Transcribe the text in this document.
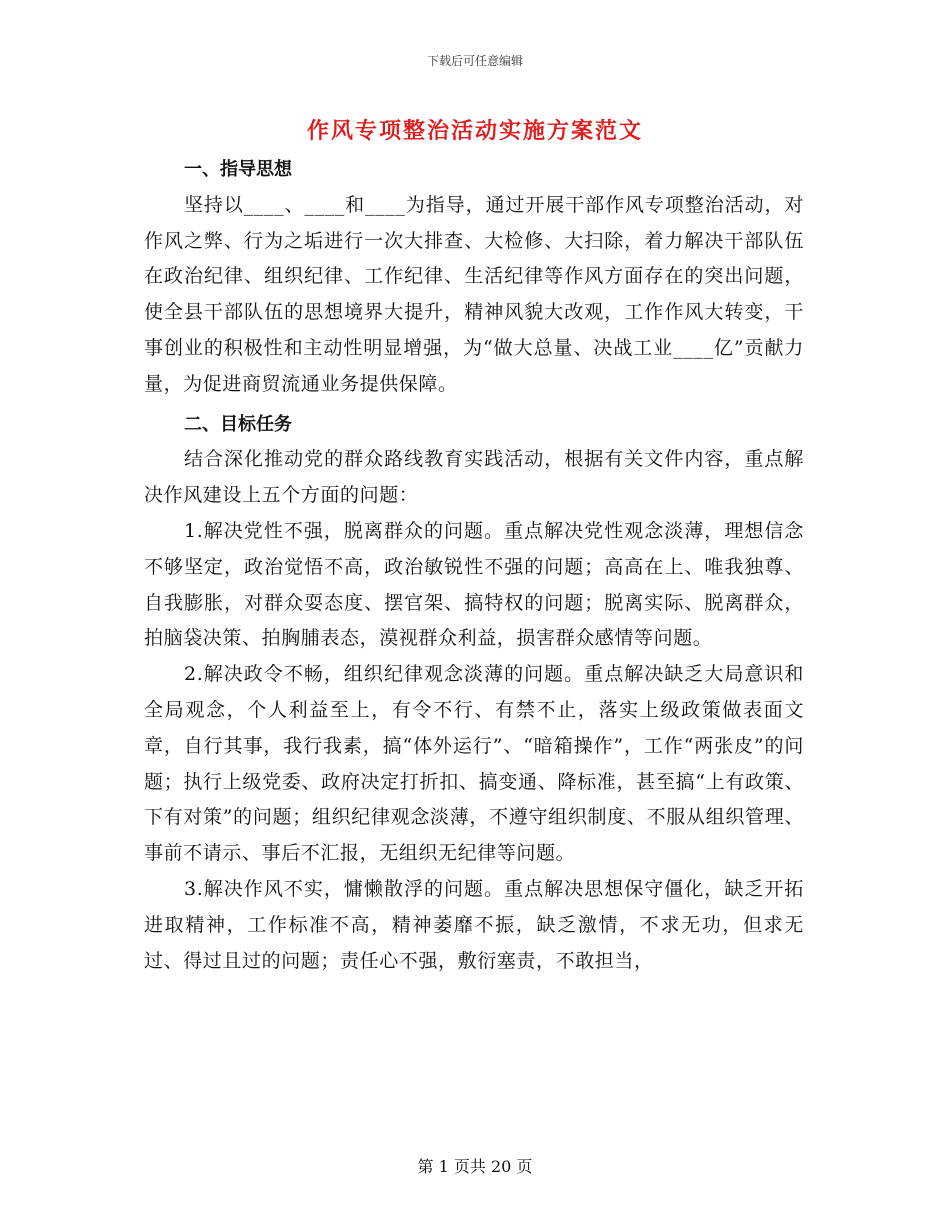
下载后可任意编辑
作风专项整治活动实施方案范文

一、指导思想

坚持以____、____和____为指导，通过开展干部作风专项整治活动，对作风之弊、行为之垢进行一次大排查、大检修、大扫除，着力解决干部队伍在政治纪律、组织纪律、工作纪律、生活纪律等作风方面存在的突出问题，使全县干部队伍的思想境界大提升，精神风貌大改观，工作作风大转变，干事创业的积极性和主动性明显增强，为“做大总量、决战工业____亿”贡献力量，为促进商贸流通业务提供保障。

二、目标任务

结合深化推动党的群众路线教育实践活动，根据有关文件内容，重点解决作风建设上五个方面的问题：

1.解决党性不强，脱离群众的问题。重点解决党性观念淡薄，理想信念不够坚定，政治觉悟不高，政治敏锐性不强的问题；高高在上、唯我独尊、自我膨胀，对群众耍态度、摆官架、搞特权的问题；脱离实际、脱离群众，拍脑袋决策、拍胸脯表态，漠视群众利益，损害群众感情等问题。

2.解决政令不畅，组织纪律观念淡薄的问题。重点解决缺乏大局意识和全局观念，个人利益至上，有令不行、有禁不止，落实上级政策做表面文章，自行其事，我行我素，搞“体外运行”、“暗箱操作”，工作“两张皮”的问题；执行上级党委、政府决定打折扣、搞变通、降标准，甚至搞“上有政策、下有对策”的问题；组织纪律观念淡薄，不遵守组织制度、不服从组织管理、事前不请示、事后不汇报，无组织无纪律等问题。

3.解决作风不实，慵懒散浮的问题。重点解决思想保守僵化，缺乏开拓进取精神，工作标准不高，精神萎靡不振，缺乏激情，不求无功，但求无过、得过且过的问题；责任心不强，敷衍塞责，不敢担当，

第 1 页共 20 页
